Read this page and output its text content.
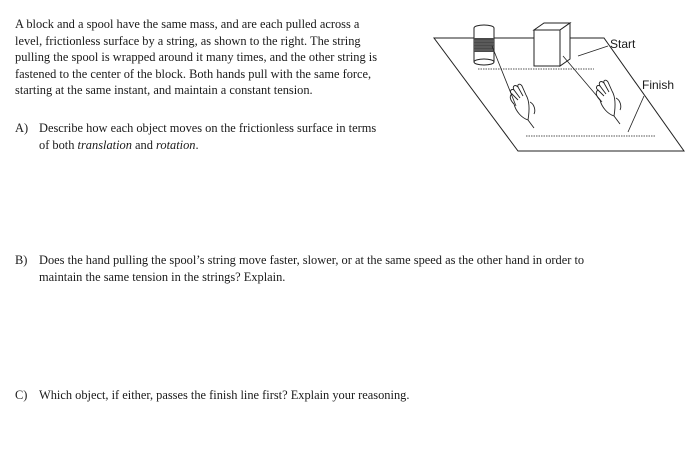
A block and a spool have the same mass, and are each pulled across a
level, frictionless surface by a string, as shown to the right. The string
pulling the spool is wrapped around it many times, and the other string is
fastened to the center of the block. Both hands pull with the same force,
starting at the same instant, and maintain a constant tension.
A) Describe how each object moves on the frictionless surface in terms
of both translation and rotation.
B) Does the hand pulling the spool’s string move faster, slower, or at the same speed as the other hand in order to
maintain the same tension in the strings? Explain.
C) Which object, if either, passes the finish line first? Explain your reasoning.
Start
Finish
